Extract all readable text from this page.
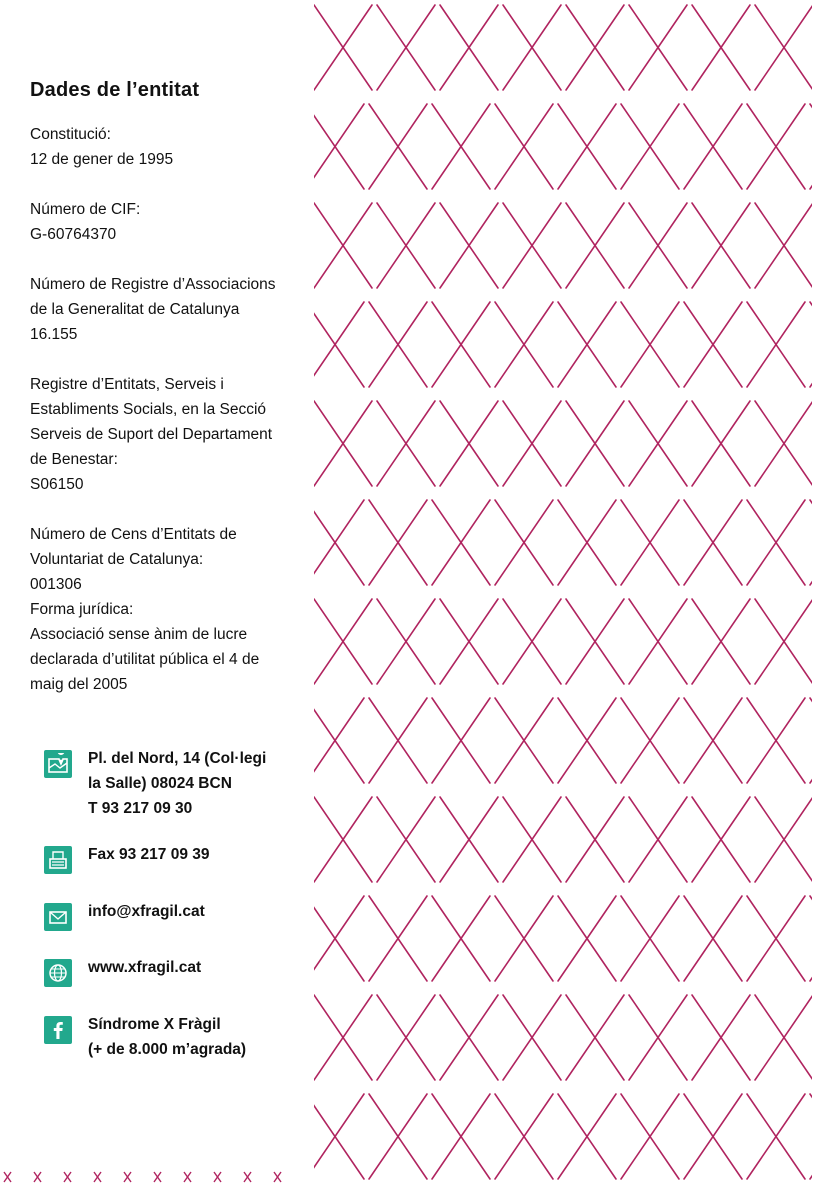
Dades de l’entitat
Constitució:
12 de gener de 1995
Número de CIF:
G-60764370
Número de Registre d’Associacions
de la Generalitat de Catalunya
16.155
Registre d’Entitats, Serveis i
Establiments Socials, en la Secció
Serveis de Suport del Departament
de Benestar:
S06150
Número de Cens d’Entitats de
Voluntariat de Catalunya:
001306
Forma jurídica:
Associació sense ànim de lucre
declarada d’utilitat pública el 4 de
maig del 2005
Pl. del Nord, 14 (Col·legi
la Salle) 08024 BCN
T 93 217 09 30
Fax 93 217 09 39
info@xfragil.cat
www.xfragil.cat
Síndrome X Fràgil
(+ de 8.000 m’agrada)
